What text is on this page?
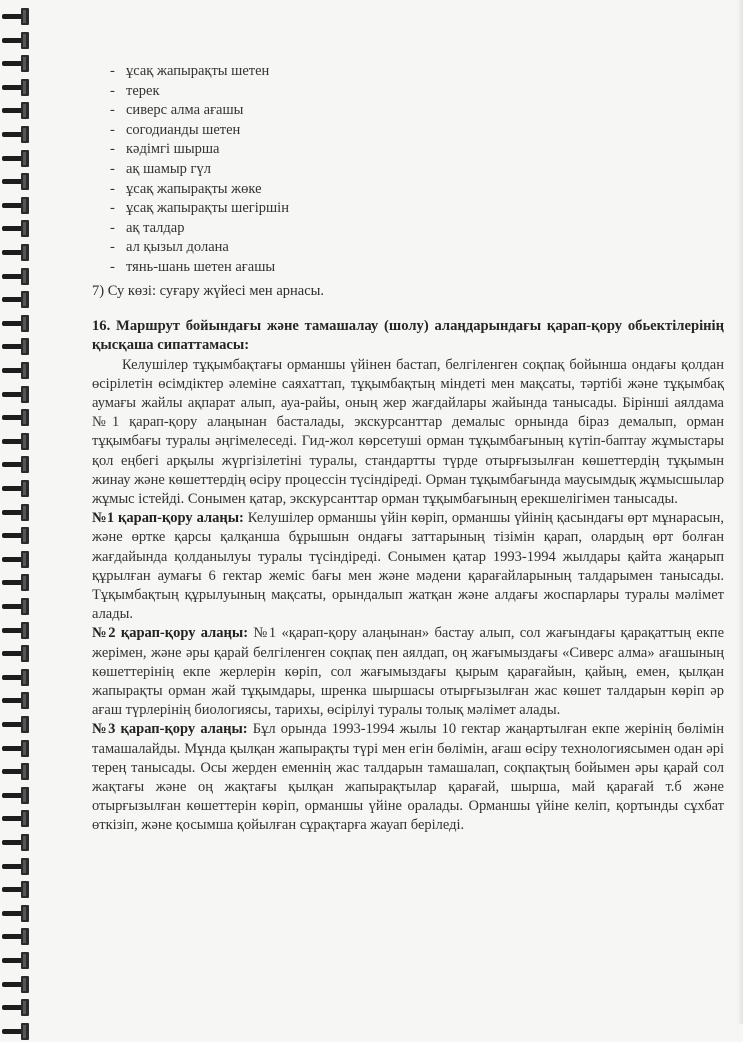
- ұсақ жапырақты шетен
- терек
- сиверс алма ағашы
- согодианды шетен
- кәдімгі шырша
- ақ шамыр гүл
- ұсақ жапырақты жөке
- ұсақ жапырақты шегіршін
- ақ талдар
- ал қызыл долана
- тянь-шань шетен ағашы
7) Су көзі: суғару жүйесі мен арнасы.
16. Маршрут бойындағы және тамашалау (шолу) алаңдарындағы қарап-қору обьектілерінің қысқаша сипаттамасы:

Келушілер тұқымбақтағы орманшы үйінен бастап, белгіленген соқпақ бойынша ондағы қолдан өсірілетін өсімдіктер әлеміне саяхаттап, тұқымбақтың міндеті мен мақсаты, тәртібі және тұқымбақ аумағы жайлы ақпарат алып, ауа-райы, оның жер жағдайлары жайында танысады. Бірінші аялдама №1 қарап-қору алаңынан басталады, экскурсанттар демалыс орнында біраз демалып, орман тұқымбағы туралы әңгімелеседі. Гид-жол көрсетуші орман тұқымбағының күтіп-баптау жұмыстары қол еңбегі арқылы жүргізілетіні туралы, стандартты түрде отырғызылған көшеттердің тұқымын жинау және көшеттердің өсіру процессін түсіндіреді. Орман тұқымбағында маусымдық жұмысшылар жұмыс істейді. Сонымен қатар, экскурсанттар орман тұқымбағының ерекшелігімен танысады.

№1 қарап-қору алаңы: Келушілер орманшы үйін көріп, орманшы үйінің қасындағы өрт мұнарасын, және өртке қарсы қалқанша бұрышын ондағы заттарының тізімін қарап, олардың өрт болған жағдайында қолданылуы туралы түсіндіреді. Сонымен қатар 1993-1994 жылдары қайта жаңарып құрылған аумағы 6 гектар жеміс бағы мен және мәдени қарағайларының талдарымен танысады. Тұқымбақтың құрылуының мақсаты, орындалып жатқан және алдағы жоспарлары туралы мәлімет алады.

№2 қарап-қору алаңы: №1 «қарап-қору алаңынан» бастау алып, сол жағындағы қарақаттың екпе жерімен, және әры қарай белгіленген соқпақ пен аялдап, оң жағымыздағы «Сиверс алма» ағашының көшеттерінің екпе жерлерін көріп, сол жағымыздағы қырым қарағайын, қайың, емен, қылқан жапырақты орман жай тұқымдары, шренка шыршасы отырғызылған жас көшет талдарын көріп әр ағаш түрлерінің биологиясы, тарихы, өсірілуі туралы толық мәлімет алады.

№3 қарап-қору алаңы: Бұл орында 1993-1994 жылы 10 гектар жаңартылған екпе жерінің бөлімін тамашалайды. Мұнда қылқан жапырақты түрі мен егін бөлімін, ағаш өсіру технологиясымен одан әрі терең танысады. Осы жерден еменнің жас талдарын тамашалап, соқпақтың бойымен әры қарай сол жақтағы және оң жақтағы қылқан жапырақтылар қарағай, шырша, май қарағай т.б және отырғызылған көшеттерін көріп, орманшы үйіне оралады. Орманшы үйіне келіп, қортынды сұхбат өткізіп, және қосымша қойылған сұрақтарға жауап беріледі.
